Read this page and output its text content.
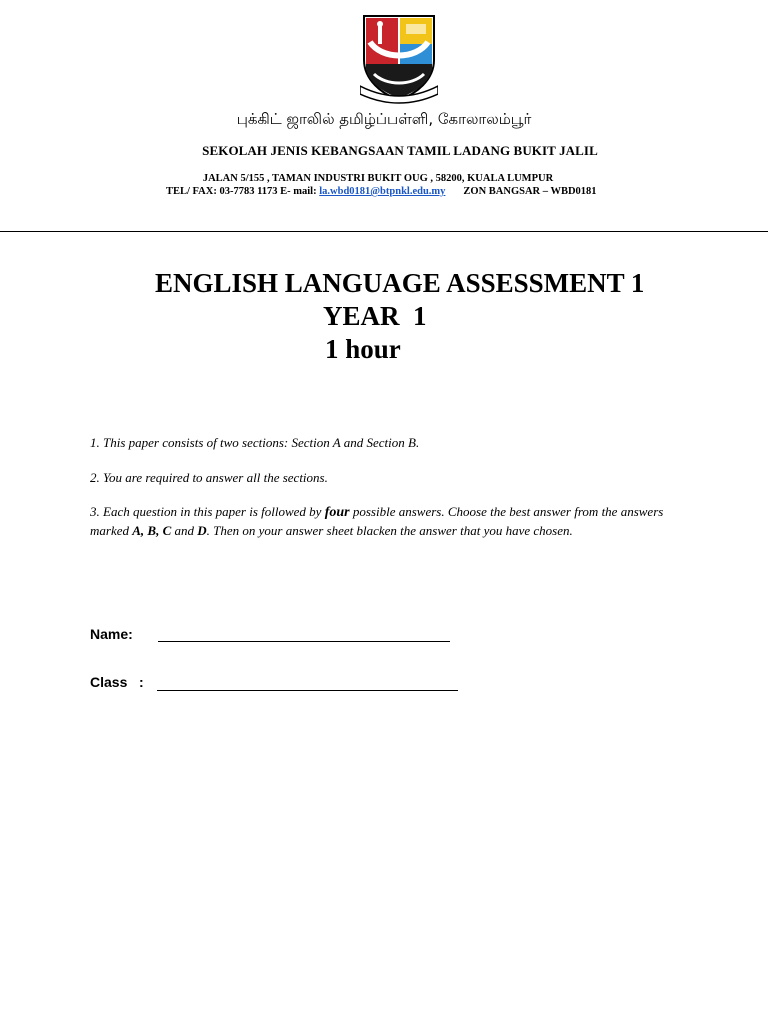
புக்கிட் ஜாலில் தமிழ்ப்பள்ளி, கோலாலம்பூர்
SEKOLAH JENIS KEBANGSAAN TAMIL LADANG BUKIT JALIL
JALAN 5/155 , TAMAN INDUSTRI BUKIT OUG , 58200, KUALA LUMPUR
TEL/ FAX: 03-7783 1173 E- mail: la.wbd0181@btpnkl.edu.my ZON BANGSAR – WBD0181
ENGLISH LANGUAGE ASSESSMENT 1
YEAR  1
1 hour
1. This paper consists of two sections: Section A and Section B.
2. You are required to answer all the sections.
3. Each question in this paper is followed by four possible answers. Choose the best answer from the answers marked A, B, C and D. Then on your answer sheet blacken the answer that you have chosen.
Name:
Class   :
